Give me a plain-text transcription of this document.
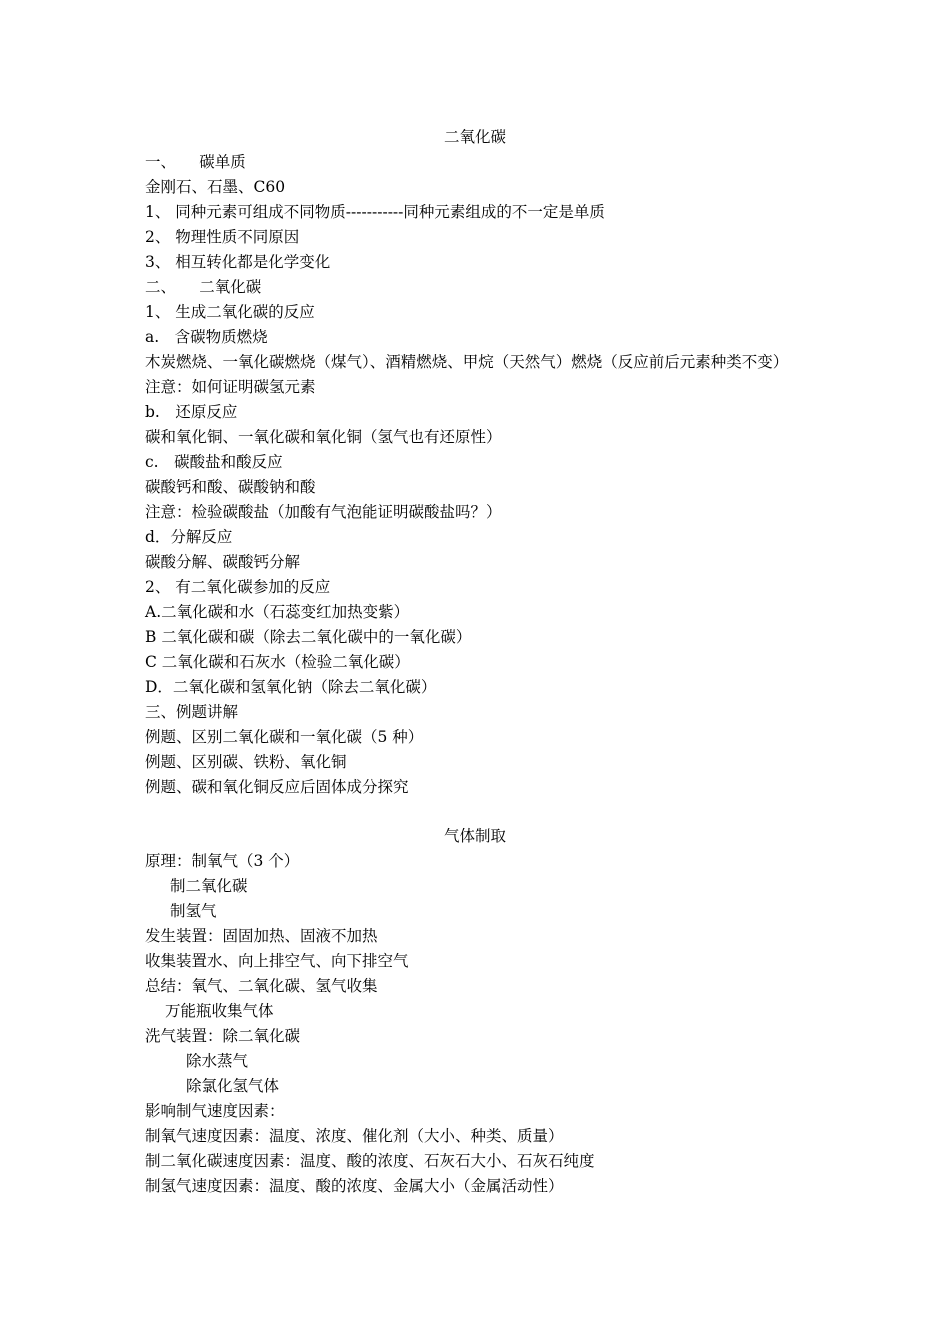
二氧化碳
一、　　碳单质
金刚石、石墨、C60
1、 同种元素可组成不同物质-----------同种元素组成的不一定是单质
2、 物理性质不同原因
3、 相互转化都是化学变化
二、　　二氧化碳
1、 生成二氧化碳的反应
a.　含碳物质燃烧
木炭燃烧、一氧化碳燃烧（煤气）、酒精燃烧、甲烷（天然气）燃烧（反应前后元素种类不变）
注意：如何证明碳氢元素
b.　还原反应
碳和氧化铜、一氧化碳和氧化铜（氢气也有还原性）
c.　碳酸盐和酸反应
碳酸钙和酸、碳酸钠和酸
注意：检验碳酸盐（加酸有气泡能证明碳酸盐吗？）
d．分解反应
碳酸分解、碳酸钙分解
2、 有二氧化碳参加的反应
A.二氧化碳和水（石蕊变红加热变紫）
B 二氧化碳和碳（除去二氧化碳中的一氧化碳）
C 二氧化碳和石灰水（检验二氧化碳）
D．二氧化碳和氢氧化钠（除去二氧化碳）
三、例题讲解
例题、区别二氧化碳和一氧化碳（5 种）
例题、区别碳、铁粉、氧化铜
例题、碳和氧化铜反应后固体成分探究
气体制取
原理：制氧气（3 个）
制二氧化碳
制氢气
发生装置：固固加热、固液不加热
收集装置水、向上排空气、向下排空气
总结：氧气、二氧化碳、氢气收集
万能瓶收集气体
洗气装置：除二氧化碳
除水蒸气
除氯化氢气体
影响制气速度因素：
制氧气速度因素：温度、浓度、催化剂（大小、种类、质量）
制二氧化碳速度因素：温度、酸的浓度、石灰石大小、石灰石纯度
制氢气速度因素：温度、酸的浓度、金属大小（金属活动性）
